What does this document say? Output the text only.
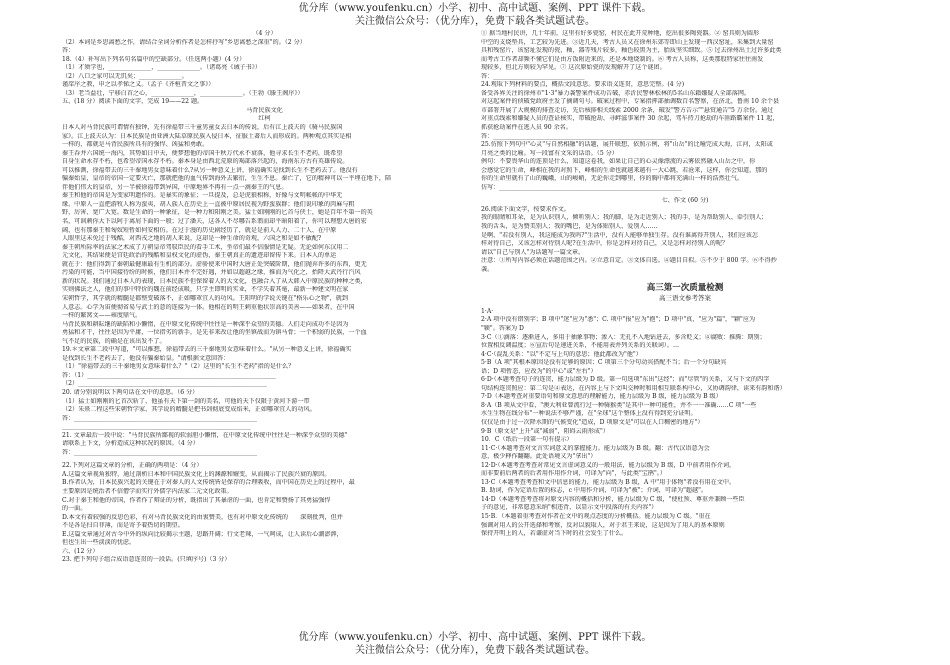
优分库（www.youfenku.cn）小学、初中、高中试题、案例、PPT 课件下载。
关注微信公众号：（优分库），免费下载各类试题试卷。

（4 分）

（2）本词是乡思离愁之作，请结合全词分析作者是怎样抒写"乡思离愁之深重"的。（2 分）

答：

18.（4）补写出下列名句名篇中的空缺部分。（任选两小题）(4 分）

（1）才须学也，______________，______________。（诸葛亮《诫子书》）

（2）八口之家可以无饥矣；______________。

谨庠序之教，申之以孝悌之义。（孟子《齐桓晋文之事》）

（3）老当益壮，宁移白首之心，______________，______________。（王勃《滕王阁序》）

五、(18 分）阅读下面的文字，完成 19——22 题。

马背民族文化

红柯

日本人对马背民族可谓情有独钟，先有徐福带三千童男童女去日本的传说，后有江上波夫的《骑马民族国

家》。江上波夫认为：日本民族是由亚洲大陆草原民族入侵日本，征服土著后人而形成的。两种观点其实是相

一样的，都就是马背民族所具有的强悍、凶猛和勇敢。

秦王吞并六国统一海内，其势如日中天，便梦想他的帝国千秋万代永不衰落，他寻求长生不老药，既希望

自身生命永存不朽，也希望帝国永存不朽。秦本身是由西北荒原的羯部落兴起的，海南东方古有英雄传说。

可以推测，徐福带去的三千秦地男女意味着什么?从另一种意义上讲，徐福确实是找到长生不老药去了。他没有

骗秦始皇，皇帝的帝国一定要灭亡，那就把他的血气传到海外去繁衍，生生不息。秦亡了，它的精神可以一平埋在地下，陪

伴他们伟大的皇帝，另一半被徐福带到异国，中原地界不再有一点一滴秦王的气息。

秦王和他的帝国是为变家明遗作的。是暴实的象征；一旦提及，总是虎狼相称，好像与文明帐帐的中华无

缘。中原人一直把游牧人称为蛮夷，胡人族人在历史上一直被中原居民视为野蛮族群；他们说印象的肉麻与粗

野，厉害、宽广大宽。数是生命的一种象征，是一种力和阳刚之美。猛士如刚刚的匕首与侠士，她是百年不第一的英

名，可讽刺你大下以阿于离屑下面的一般；过了潘夫，这各人不尽哪告系翡而却平暗阳着了，你可以理想大唐的宏

阔，也有那秦王和匈奴短暂如何安相仿。在过于漫的历史剧经历了，就是是前人人力、二十人、在中原

人眼里这未免过于残酷，对西戎之地的胡人来说，这却是一种生命的奇观，六国之和是如不敏配?

秦王朝所际率的法家之术成了万朝皇帝驾驭臣民的看手工术，坐帝们最不信服情是无疑。无论如何东汉用二

元文化，其结果便是宫廷政治的残酷和皇权文化的虚伪，秦王朝真正的遗迹却留传下来。日本人的单运

就在于：他们得到了秦朝最健康最有生机的部分。虚骄使来中国时大唐正处突破阶期，他们抛弃许多的东西，更无

污染的可能，当中国接待纷的时候，他们日本并不完好遇，并如以超越之缘，推而为气化之，抬降大武丹行汽风

新的状况。我们通过日本人的表现，日本民族不但保留着人的大文化，也融合入了从大韩入中原民族的种种之类，

实则佛法之人，他们的事中特价的魏在前经成吸，只学主即明的实业，不学失着其毫，最新一种建文明在家

宋朝哲学，其学就的精髓是都整变破落不，正如哪罩宜人的功风。王阳明的学说关键在"格乐心之物"，就到

人意志。心学为宙便彻省易与武士的意的连接为一体。他相在的明王刺重他状崇高的美善——如果者，在中国

一样的繁窝文——雍度鼎气。

马背民族和耕耘继的缺陷和小懒惰，在中原文化传统中往往是一种深乎众望的美德。人们走向成功不是因为

勇猛和才干，往往是因为平庸，一位指劣的新手，是先非来改让他的坐镇战而为镇马骨；一个积弱的民族，一个血

气不足的民族，的确是在该出发不了。

19.＊文章第二段中写道，"可以推想，徐福带去的三千秦地男女意味着什么。"从另一种意义上讲，徐福确实

是找到长生不老药去了，他没有骗秦始皇。"请根据文意回答：

（1）"徐福带去的三千秦地男女意味着什么？"（2）这里的"长生不老药"指的是什么？

答：（1）______________________________________________________________

（2）______________________________________________________________

20. 请分别说明以下两句话在文中的意思。（6 分）

（1）猛士如刚刚的匕首次斩了，他虽有天下第一剑的美名，可他的天下仅限于黄河下游一带

（2）朱熹二程这些宋朝哲学家，其学说的精髓是把书剑彻底变成焰米，正如哪罩宜人的功风。

答：____________________________________________________________

______________________________________________________________

21. 文章最后一段中说："马背民族所鄙视的软弱胆小懒惰，在中原文化传统中往往是一种深乎众望的美德"

请联系上下文，分析造成这种状况的原因。（4 分）

答：____________________________________________________________

22.下列对这篇文章的分析，正确的两项是：（4 分）

A.这篇文章视角独特，通过剖析日本和中国民族文化上的渊源和嬗变，从而揭示了民族兴衰的原因。

B.作者认为，日本民族兴起的关键在于对秦人的人文传统皆是保存的合理吸收，而中国在历史上的过程中，最

主要原因是统治者不信僧学而实行外儒学内法家二元文化政策。

C.对于秦王和他的帝国，作者作了辩证的分析，既指出了其暴虐的一面，也肯定和赞扬了其勇猛强悍

的一面。

D.本文有着较强的反思色彩，有对马背民族文化的由衷赞美，也有对中原文化传统的　　深刻批判，但并

不是各是扫自菲薄，而是寄予着热切的期望。

E.这篇文章通过对古今中外的纵向比较揭示主题，思路开阔；行文老辣，一气呵成，让人读后心潮澎湃，

但也生出一些淡淡的忧虑。

六、(12 分）

23. 把下列句子组合成语意连贯的一段话。(只填序号)（3 分）

① 据当地村民讲，几十年前，这里有好多瓷窑，村民在此开荒种地，挖出很多陶瓷器。② 窑具则为圆形

中空的支烧垫具，工艺较为先进。③近几天，考古人员又在徐州东郊等即山上发现一西汉窑址，采集到大量窑

具和残窑片，该窑址发现的瓷，釉，器等残片较多，釉色较黑为主，胎质坚实细致。⑤ 过去徐州出土过许多此类

而考古工作者却频不懂它们是由方饭附近来的，还是本地烧制的。⑥ 考古人员称，这类那股特家往往南发

现较多，但北方则较为罕见。⑦ 这次原始瓷的发现解开了这个谜团。

答：______________________________

24.观取下列材料的要点，概括文段意思。要求语义连贯，意思完整。(4 分)

备受各界关注的徐州市"1·3"暴力袭警案件成功告破，赤沂民警林松林的5名山东籍嫌疑人全部落网。

对这起案件的侦破党政府主发了摘调句号。破案过程中，专案指挥部抽调数百名警察，在济北，鲁南 10 余个县

市部署开展了大规模的排查走访，先后核排相关线索 2000 余条，破发"警方告示""悬赏通告"5 万余份。通过

对重点线索和嫌疑人员的查证核实，带破抢劫、寻衅滋事案件 30 余起，驾车持刀抢劫的车匪路霸案件 11 起，

抓获抢劫案件在逃人员 90 余名。

答：____________________________________________________________

25.仿照下列句中"心灵"与自然相融"的话题，展开联想，依照示例，将"山岳"的比喻完成大海，江河，太阳或

月亮之类的比喻。写一段富有文采的话语。（5 分）

例句：不要畏华山的连顶是什么，知道这卷我，如果让自己的心灵像漂流的云雾依然融入山岳之中，你

会感觉它的生命，峰相在我的对照下，峰相的生命也就越来越有一大心跳，若沧来，这样，你会知道，那的

你的生命里就有了山的巍峨，山的峻峭，无论你走到哪里，你的胸中都将充满山一样的浩然壮气。

仿写：____________________________________________________________

七、作文 (60 分)

26.阅读下面文字，按要求作文。

我的眼睛和耳朵，是为认识别人，倾听别人；我的脚，是为走近别人；我的手，是为帮助别人、牵引别人；

我的舌头，是为赞美别人；我的嘴巴，是为体贴别人、爱别人……

是啊，"若没有别人，我这能成为我吗?"生活中，没有人能够单独生存。没有谁离得开别人，我们应该怎

样对待自己，又该怎样对待别人呢?在生活中，你是怎样对待自己，又是怎样对待别人的呢？

请以"自己与别人"为话题写一篇文章。

注意：①所写内容必须在话题范围之内。②立意自定。③文体自选。④题目自拟。⑤不少于 800 字。⑥不得抄

袭。

高三第一次质量检测

高三语文参考答案

1·A·

2·A 项中没有错别字；B 项中"迷"应为"悉"；C. 项中"报"应为"抱"；D 项中"真，"应为"篇"，"颖"应为

"颍"。答案为 D

3·C（①滴落：逐渐进入，多用于抽象事物；渗入：无孔不入地钻进去，多含贬义；④腐败：推腾：期别；

位置相反调温度；⑥宣后句是递进关系，不能用表并列关系的关联词）。…

4·C·（混乱关系："以"不定与上句的意思；他此都改为"他"）

5·B（A 项"其根本原因是没有足够的原因；C 项第三个分句动宾搭配不当；后一个分句缺宾

语；D 项暂态，应改为"的中心"或"左右"）

6·D·（本题考查句子的连贯，能力层级为 D 级。第一句选项"东出"这经"；而"尽管"的关系，又与下文的四字

句结构连贯照应：第二句是④表达，在内容上与下文叫交种时和用相互联系构中心，又协调韵律，读来有韵和谐）

7·D（本题考查对重要语句和原文意思的理解能力，能力层级为 B 级，能力层级为 B 级）

8·A（B 项从文中看，"澳大利亚曾流行过一种骑猴类"是其中一种可能性，并不一一准确……C 项"一些

水生生物在线分布"一种说法不够严谨，在"全球"这个整体上没有得到充分证明。

仅仅是由于过一次降水期的气候变化"造成，D 项原文是"可以在人口稠密的地方"）

9·B（原文是"上升"或"减弱"，阻碍云雨形成"）

10．C（纸后一段第一句有提示）

11·C·（本题考查对文言实词意义的掌握能力。能力层级为 B 级。翻：古代汉语意为会

意，极少释作翻翻。此处语境又为"拿出"）

12·D·（本题考查考查对常见文言虚词意义的一般用法，能力层级为 B 级，D 中前者用作介词，

而非要前后两者的后者用作用作介词，可译为"向"，与此类"宝鹃"。）

13·C（本题考查考查和文中信息的能力，能力层级为 B 级，A 中"用于体物"者没有用在文中。

B. 助词，作为定语后置的标志，c 中用作介词，可译为"被"；介词，可译为"超越"。

14·D（本题考查考查将对原文内容的概括和分析，能力层级为 C 级，"使杜预、尊重并兼顾一些臣

子的意见，非常愿意采纳"相违背，以显示文中段落的有关内容"）

15·B．（本题着重考查对作者在文中的观点态度的分析概括。能力层级为 C 级。"重在

强调对用人的公开选择和考察，反对以貌取人，对于君王来说，这是因为了用人的基本原则

保持开明上的人，若谦虚对当下时的社会发生了什么。

优分库（www.youfenku.cn）小学、初中、高中试题、案例、PPT 课件下载。
关注微信公众号：（优分库），免费下载各类试题试卷。
